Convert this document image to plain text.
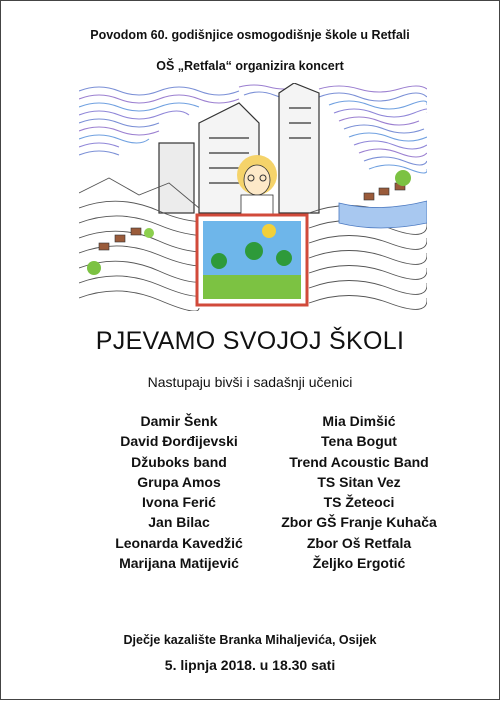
Povodom 60. godišnjice osmogodišnje škole u Retfali
OŠ „Retfala“ organizira koncert
PJEVAMO SVOJOJ ŠKOLI
Nastupaju bivši i sadašnji učenici
Damir Šenk
David Đorđijevski
Džuboks band
Grupa Amos
Ivona Ferić
Jan Bilac
Leonarda Kavedžić
Marijana Matijević
Mia Dimšić
Tena Bogut
Trend Acoustic Band
TS Sitan Vez
TS Žeteoci
Zbor GŠ Franje Kuhača
Zbor Oš Retfala
Željko Ergotić
Dječje kazalište Branka Mihaljevića, Osijek
5. lipnja 2018. u 18.30 sati
